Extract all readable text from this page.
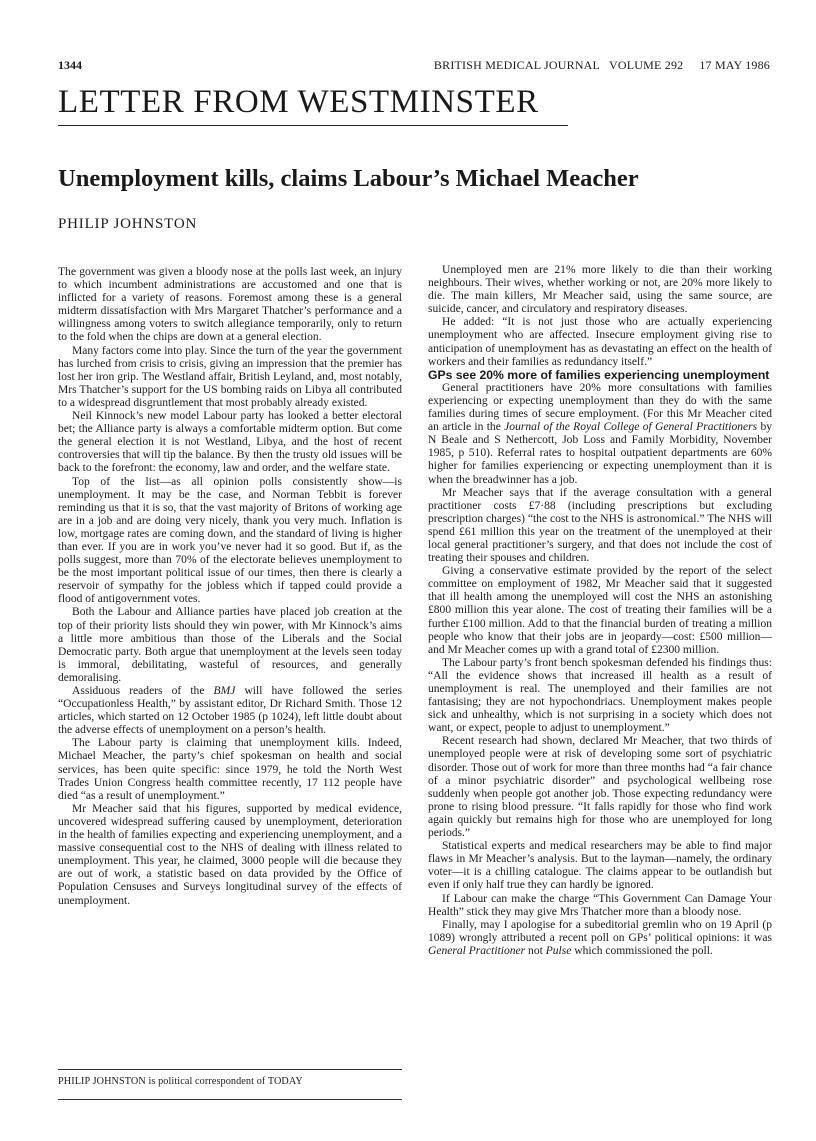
1344	BRITISH MEDICAL JOURNAL   VOLUME 292     17 MAY 1986
LETTER FROM WESTMINSTER
Unemployment kills, claims Labour’s Michael Meacher
PHILIP JOHNSTON

The government was given a bloody nose at the polls last week, an injury to which incumbent administrations are accustomed and one that is inflicted for a variety of reasons. Foremost among these is a general midterm dissatisfaction with Mrs Margaret Thatcher’s performance and a willingness among voters to switch allegiance temporarily, only to return to the fold when the chips are down at a general election.

Many factors come into play. Since the turn of the year the government has lurched from crisis to crisis, giving an impression that the premier has lost her iron grip. The Westland affair, British Leyland, and, most notably, Mrs Thatcher’s support for the US bombing raids on Libya all contributed to a widespread disgruntlement that most probably already existed.

Neil Kinnock’s new model Labour party has looked a better electoral bet; the Alliance party is always a comfortable midterm option. But come the general election it is not Westland, Libya, and the host of recent controversies that will tip the balance. By then the trusty old issues will be back to the forefront: the economy, law and order, and the welfare state.

Top of the list—as all opinion polls consistently show—is unemployment. It may be the case, and Norman Tebbit is forever reminding us that it is so, that the vast majority of Britons of working age are in a job and are doing very nicely, thank you very much. Inflation is low, mortgage rates are coming down, and the standard of living is higher than ever. If you are in work you’ve never had it so good. But if, as the polls suggest, more than 70% of the electorate believes unemployment to be the most important political issue of our times, then there is clearly a reservoir of sympathy for the jobless which if tapped could provide a flood of antigovernment votes.

Both the Labour and Alliance parties have placed job creation at the top of their priority lists should they win power, with Mr Kinnock’s aims a little more ambitious than those of the Liberals and the Social Democratic party. Both argue that unemployment at the levels seen today is immoral, debilitating, wasteful of resources, and generally demoralising.

Assiduous readers of the BMJ will have followed the series “Occupationless Health,” by assistant editor, Dr Richard Smith. Those 12 articles, which started on 12 October 1985 (p 1024), left little doubt about the adverse effects of unemployment on a person’s health.

The Labour party is claiming that unemployment kills. Indeed, Michael Meacher, the party’s chief spokesman on health and social services, has been quite specific: since 1979, he told the North West Trades Union Congress health committee recently, 17 112 people have died “as a result of unemployment.”

Mr Meacher said that his figures, supported by medical evidence, uncovered widespread suffering caused by unemployment, deterioration in the health of families expecting and experiencing unemployment, and a massive consequential cost to the NHS of dealing with illness related to unemployment. This year, he claimed, 3000 people will die because they are out of work, a statistic based on data provided by the Office of Population Censuses and Surveys longitudinal survey of the effects of unemployment.

Unemployed men are 21% more likely to die than their working neighbours. Their wives, whether working or not, are 20% more likely to die. The main killers, Mr Meacher said, using the same source, are suicide, cancer, and circulatory and respiratory diseases.

He added: “It is not just those who are actually experiencing unemployment who are affected. Insecure employment giving rise to anticipation of unemployment has as devastating an effect on the health of workers and their families as redundancy itself.”

GPs see 20% more of families experiencing unemployment

General practitioners have 20% more consultations with families experiencing or expecting unemployment than they do with the same families during times of secure employment. (For this Mr Meacher cited an article in the Journal of the Royal College of General Practitioners by N Beale and S Nethercott, Job Loss and Family Morbidity, November 1985, p 510). Referral rates to hospital outpatient departments are 60% higher for families experiencing or expecting unemployment than it is when the breadwinner has a job.

Mr Meacher says that if the average consultation with a general practitioner costs £7·88 (including prescriptions but excluding prescription charges) “the cost to the NHS is astronomical.” The NHS will spend £61 million this year on the treatment of the unemployed at their local general practitioner’s surgery, and that does not include the cost of treating their spouses and children.

Giving a conservative estimate provided by the report of the select committee on employment of 1982, Mr Meacher said that it suggested that ill health among the unemployed will cost the NHS an astonishing £800 million this year alone. The cost of treating their families will be a further £100 million. Add to that the financial burden of treating a million people who know that their jobs are in jeopardy—cost: £500 million—and Mr Meacher comes up with a grand total of £2300 million.

The Labour party’s front bench spokesman defended his findings thus: “All the evidence shows that increased ill health as a result of unemployment is real. The unemployed and their families are not fantasising; they are not hypochondriacs. Unemployment makes people sick and unhealthy, which is not surprising in a society which does not want, or expect, people to adjust to unemployment.”

Recent research had shown, declared Mr Meacher, that two thirds of unemployed people were at risk of developing some sort of psychiatric disorder. Those out of work for more than three months had “a fair chance of a minor psychiatric disorder” and psychological wellbeing rose suddenly when people got another job. Those expecting redundancy were prone to rising blood pressure. “It falls rapidly for those who find work again quickly but remains high for those who are unemployed for long periods.”

Statistical experts and medical researchers may be able to find major flaws in Mr Meacher’s analysis. But to the layman—namely, the ordinary voter—it is a chilling catalogue. The claims appear to be outlandish but even if only half true they can hardly be ignored.

If Labour can make the charge “This Government Can Damage Your Health” stick they may give Mrs Thatcher more than a bloody nose.

Finally, may I apologise for a subeditorial gremlin who on 19 April (p 1089) wrongly attributed a recent poll on GPs’ political opinions: it was General Practitioner not Pulse which commissioned the poll.

PHILIP JOHNSTON is political correspondent of TODAY
